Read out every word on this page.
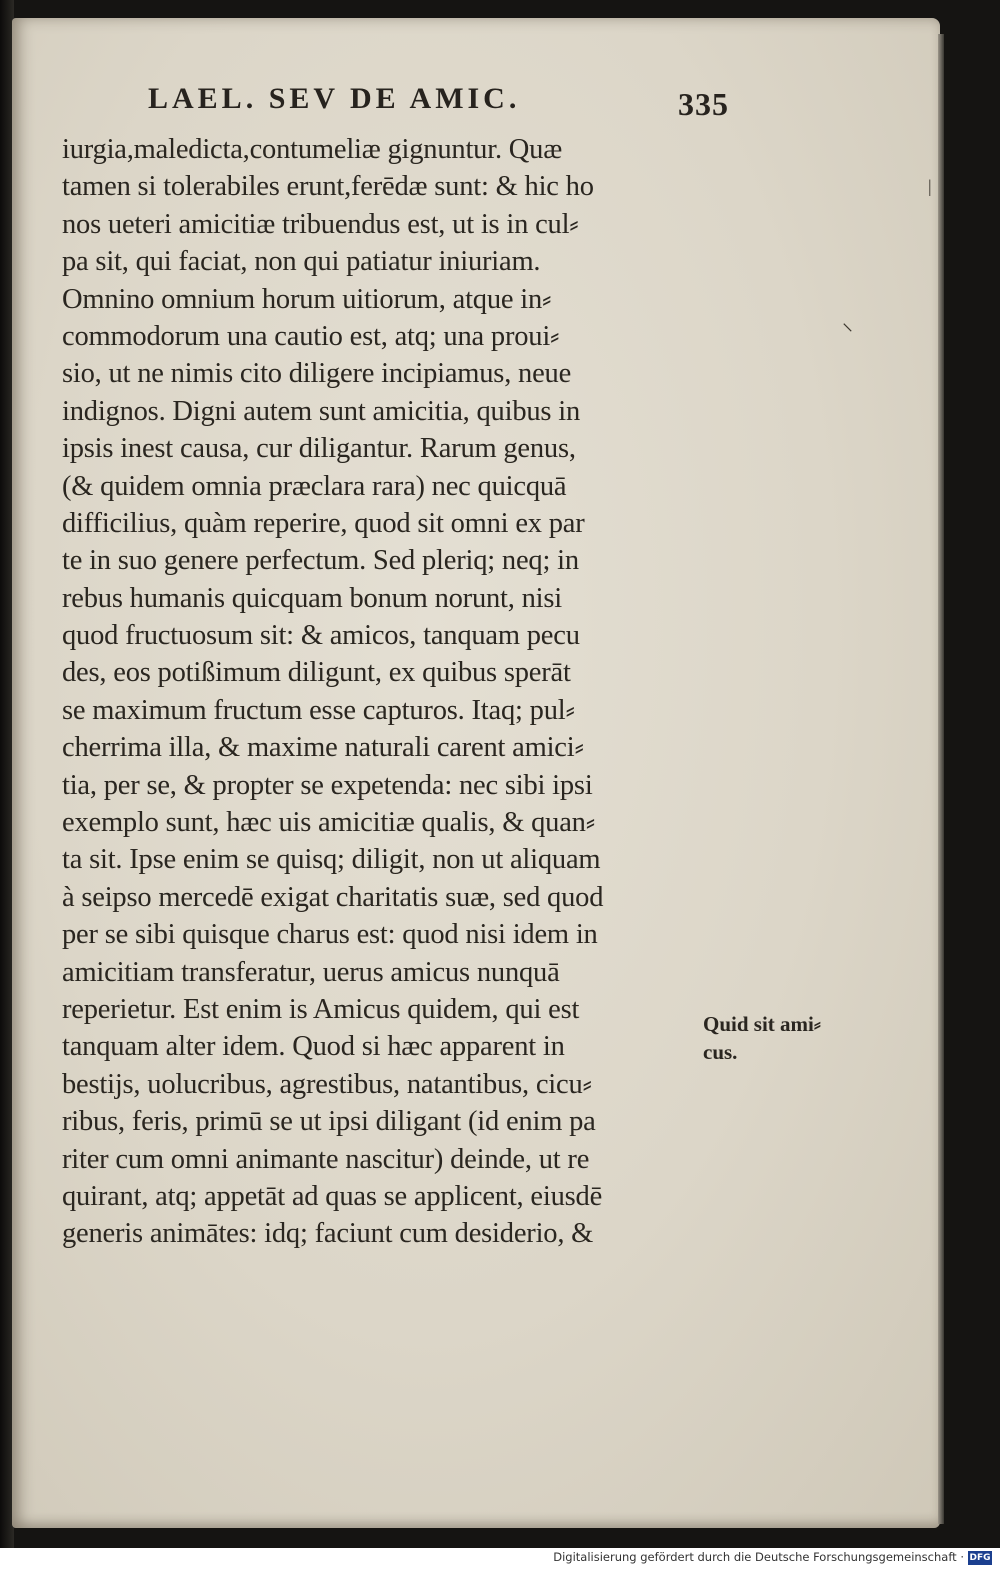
LAEL. SEV DE AMIC.	335
iurgia,maledicta,contumeliæ gignuntur. Quæ
tamen si tolerabiles erunt,ferēdæ sunt: & hic ho
nos ueteri amicitiæ tribuendus est, ut is in cul⸗
pa sit, qui faciat, non qui patiatur iniuriam.
Omnino omnium horum uitiorum, atque in⸗
commodorum una cautio est, atq; una proui⸗
sio, ut ne nimis cito diligere incipiamus, neue
indignos. Digni autem sunt amicitia, quibus in
ipsis inest causa, cur diligantur. Rarum genus,
(& quidem omnia præclara rara) nec quicquā
difficilius, quàm reperire, quod sit omni ex par
te in suo genere perfectum. Sed pleriq; neq; in
rebus humanis quicquam bonum norunt, nisi
quod fructuosum sit: & amicos, tanquam pecu
des, eos potißimum diligunt, ex quibus sperāt
se maximum fructum esse capturos. Itaq; pul⸗
cherrima illa, & maxime naturali carent amici⸗
tia, per se, & propter se expetenda: nec sibi ipsi
exemplo sunt, hæc uis amicitiæ qualis, & quan⸗
ta sit. Ipse enim se quisq; diligit, non ut aliquam
à seipso mercedē exigat charitatis suæ, sed quod
per se sibi quisque charus est: quod nisi idem in
amicitiam transferatur, uerus amicus nunquā
reperietur. Est enim is Amicus quidem, qui est
tanquam alter idem. Quod si hæc apparent in
bestijs, uolucribus, agrestibus, natantibus, cicu⸗
ribus, feris, primū se ut ipsi diligant (id enim pa
riter cum omni animante nascitur) deinde, ut re
quirant, atq; appetāt ad quas se applicent, eiusdē
generis animātes: idq; faciunt cum desiderio, &
Quid sit ami⸗
cus.
⸌
|
Digitalisierung gefördert durch die Deutsche Forschungsgemeinschaft · DFG
